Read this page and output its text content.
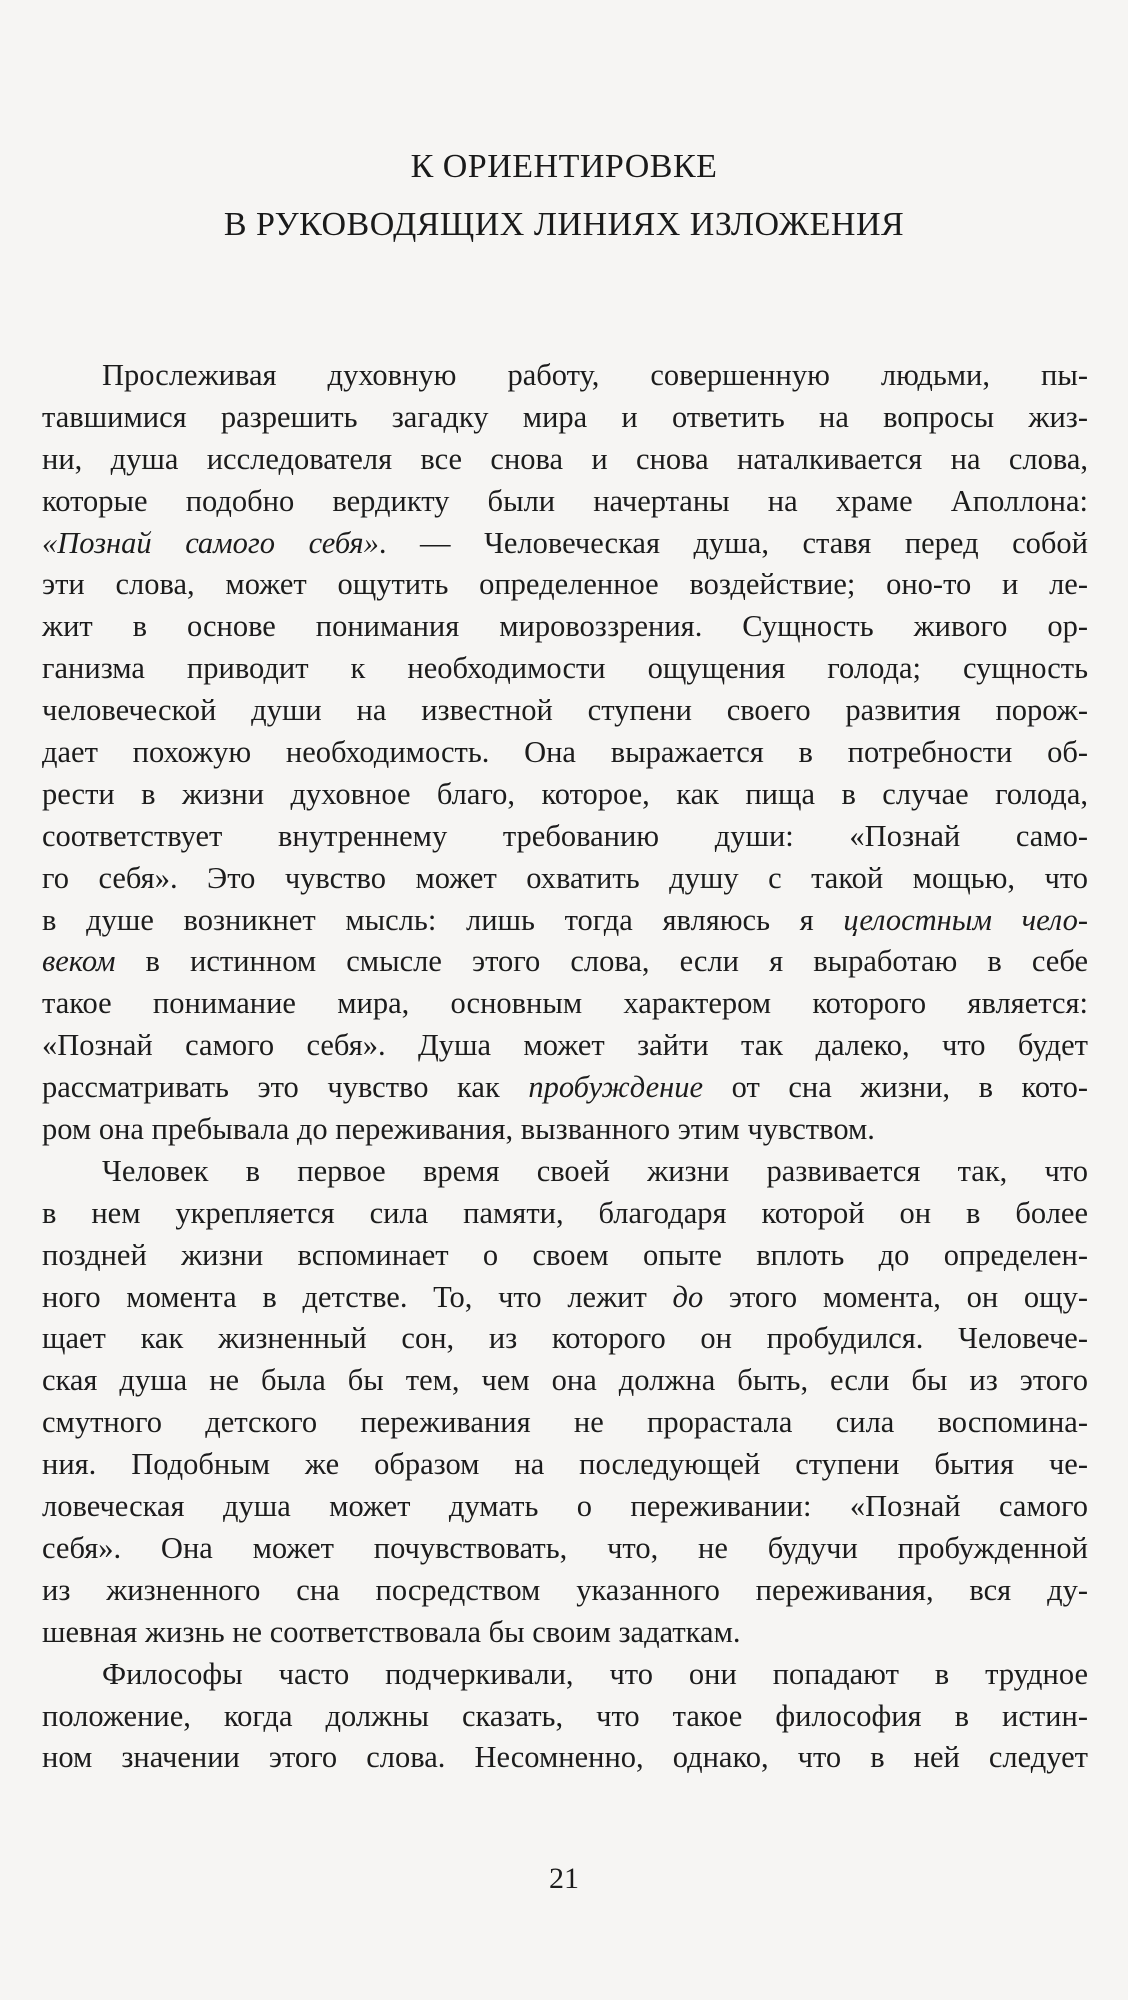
К ОРИЕНТИРОВКЕ
В РУКОВОДЯЩИХ ЛИНИЯХ ИЗЛОЖЕНИЯ
Прослеживая духовную работу, совершенную людьми, пы-
тавшимися разрешить загадку мира и ответить на вопросы жиз-
ни, душа исследователя все снова и снова наталкивается на слова,
которые подобно вердикту были начертаны на храме Аполлона:
«Познай самого себя». — Человеческая душа, ставя перед собой
эти слова, может ощутить определенное воздействие; оно-то и ле-
жит в основе понимания мировоззрения. Сущность живого ор-
ганизма приводит к необходимости ощущения голода; сущность
человеческой души на известной ступени своего развития порож-
дает похожую необходимость. Она выражается в потребности об-
рести в жизни духовное благо, которое, как пища в случае голода,
соответствует внутреннему требованию души: «Познай само-
го себя». Это чувство может охватить душу с такой мощью, что
в душе возникнет мысль: лишь тогда являюсь я целостным чело-
веком в истинном смысле этого слова, если я выработаю в себе
такое понимание мира, основным характером которого является:
«Познай самого себя». Душа может зайти так далеко, что будет
рассматривать это чувство как пробуждение от сна жизни, в кото-
ром она пребывала до переживания, вызванного этим чувством.
Человек в первое время своей жизни развивается так, что
в нем укрепляется сила памяти, благодаря которой он в более
поздней жизни вспоминает о своем опыте вплоть до определен-
ного момента в детстве. То, что лежит до этого момента, он ощу-
щает как жизненный сон, из которого он пробудился. Человече-
ская душа не была бы тем, чем она должна быть, если бы из этого
смутного детского переживания не прорастала сила воспомина-
ния. Подобным же образом на последующей ступени бытия че-
ловеческая душа может думать о переживании: «Познай самого
себя». Она может почувствовать, что, не будучи пробужденной
из жизненного сна посредством указанного переживания, вся ду-
шевная жизнь не соответствовала бы своим задаткам.
Философы часто подчеркивали, что они попадают в трудное
положение, когда должны сказать, что такое философия в истин-
ном значении этого слова. Несомненно, однако, что в ней следует
21
